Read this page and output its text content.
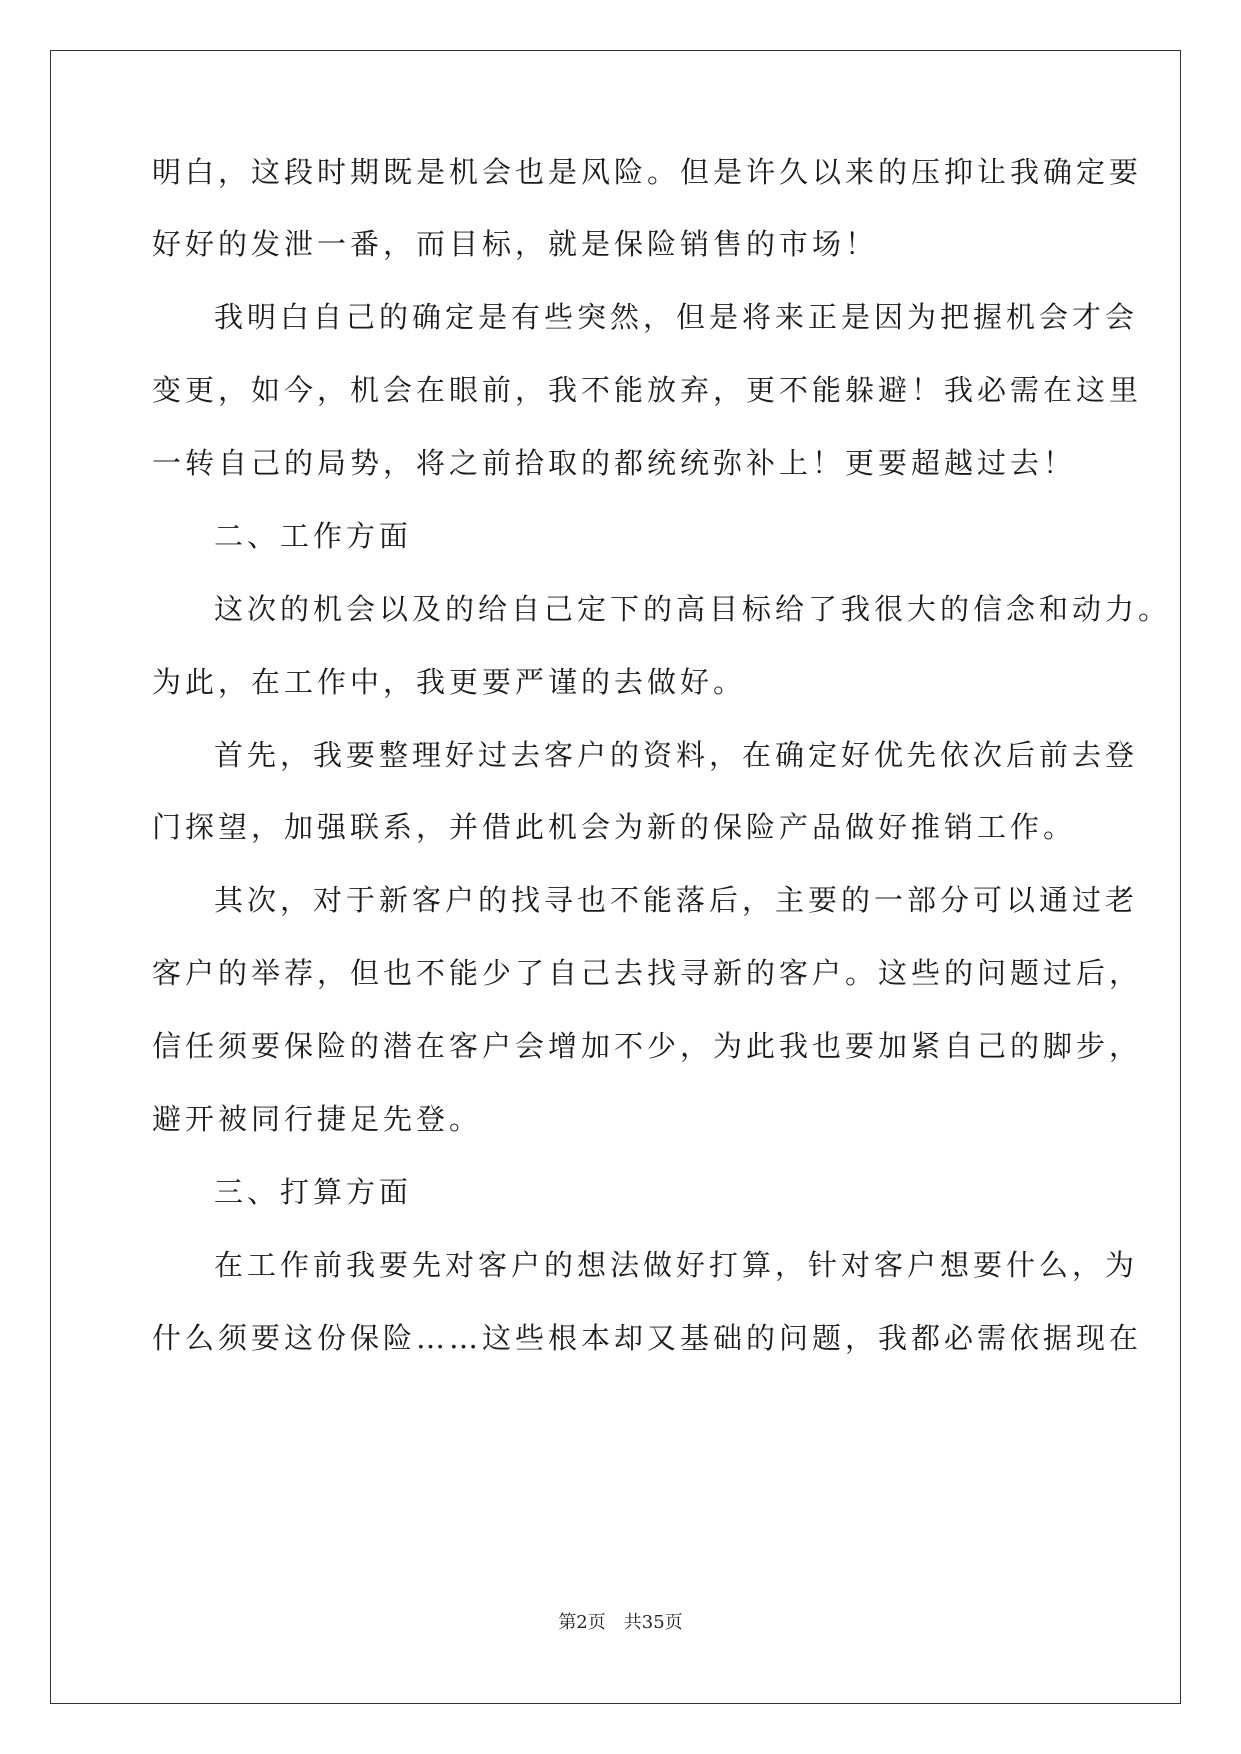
明白，这段时期既是机会也是风险。但是许久以来的压抑让我确定要
好好的发泄一番，而目标，就是保险销售的市场！
我明白自己的确定是有些突然，但是将来正是因为把握机会才会
变更，如今，机会在眼前，我不能放弃，更不能躲避！我必需在这里
一转自己的局势，将之前拾取的都统统弥补上！更要超越过去！
二、工作方面
这次的机会以及的给自己定下的高目标给了我很大的信念和动力。
为此，在工作中，我更要严谨的去做好。
首先，我要整理好过去客户的资料，在确定好优先依次后前去登
门探望，加强联系，并借此机会为新的保险产品做好推销工作。
其次，对于新客户的找寻也不能落后，主要的一部分可以通过老
客户的举荐，但也不能少了自己去找寻新的客户。这些的问题过后，
信任须要保险的潜在客户会增加不少，为此我也要加紧自己的脚步，
避开被同行捷足先登。
三、打算方面
在工作前我要先对客户的想法做好打算，针对客户想要什么，为
什么须要这份保险……这些根本却又基础的问题，我都必需依据现在
第2页 共35页
